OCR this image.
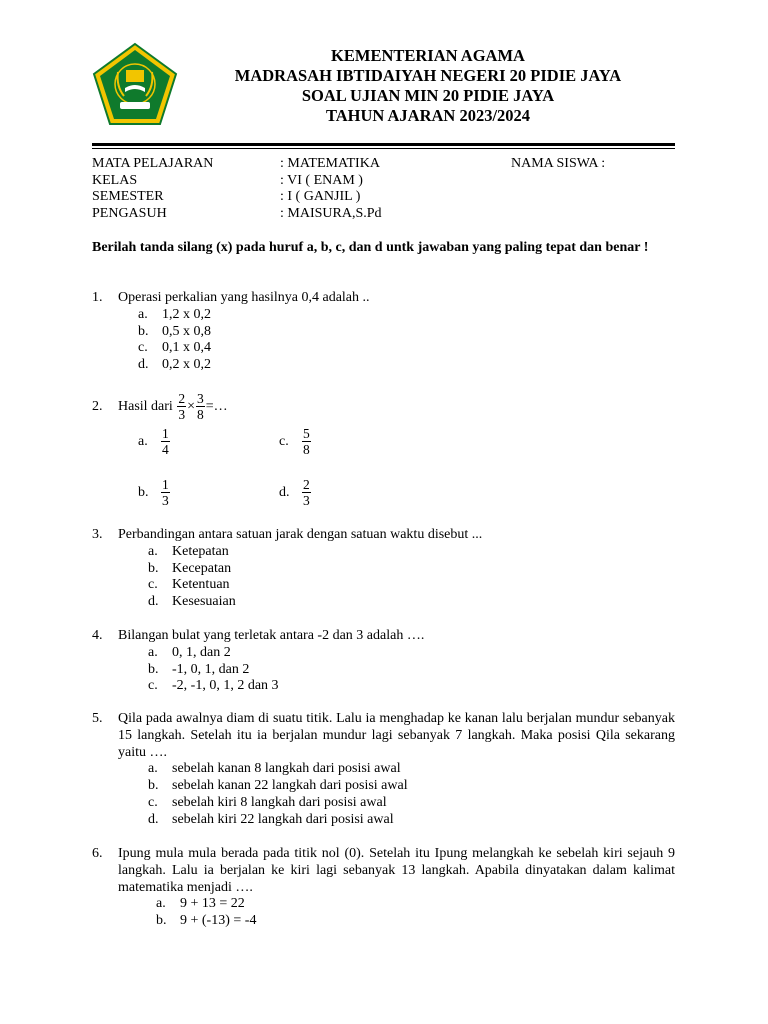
KEMENTERIAN AGAMA
MADRASAH IBTIDAIYAH NEGERI 20 PIDIE JAYA
SOAL UJIAN MIN 20 PIDIE JAYA
TAHUN AJARAN 2023/2024
MATA PELAJARAN	: MATEMATIKA	NAMA SISWA :
KELAS	: VI ( ENAM )
SEMESTER	: I ( GANJIL )
PENGASUH	: MAISURA,S.Pd
Berilah tanda silang (x) pada huruf a, b, c, dan d untk jawaban yang paling tepat dan benar !
1. Operasi perkalian yang hasilnya 0,4 adalah ..
a. 1,2 x 0,2
b. 0,5 x 0,8
c. 0,1 x 0,4
d. 0,2 x 0,2
2. Hasil dari $\frac{2}{3} \times \frac{3}{8}$ =…
a. $\frac{1}{4}$	c. $\frac{5}{8}$
b. $\frac{1}{3}$	d. $\frac{2}{3}$
3. Perbandingan antara satuan jarak dengan satuan waktu disebut ...
a. Ketepatan
b. Kecepatan
c. Ketentuan
d. Kesesuaian
4. Bilangan bulat yang terletak antara -2 dan 3 adalah ….
a. 0, 1, dan 2
b. -1, 0, 1, dan 2
c. -2, -1, 0, 1, 2 dan 3
5. Qila pada awalnya diam di suatu titik. Lalu ia menghadap ke kanan lalu berjalan mundur sebanyak 15 langkah. Setelah itu ia berjalan mundur lagi sebanyak 7 langkah. Maka posisi Qila sekarang yaitu ….
a. sebelah kanan 8 langkah dari posisi awal
b. sebelah kanan 22 langkah dari posisi awal
c. sebelah kiri 8 langkah dari posisi awal
d. sebelah kiri 22 langkah dari posisi awal
6. Ipung mula mula berada pada titik nol (0). Setelah itu Ipung melangkah ke sebelah kiri sejauh 9 langkah. Lalu ia berjalan ke kiri lagi sebanyak 13 langkah. Apabila dinyatakan dalam kalimat matematika menjadi ….
a. 9 + 13 = 22
b. 9 + (-13) = -4
